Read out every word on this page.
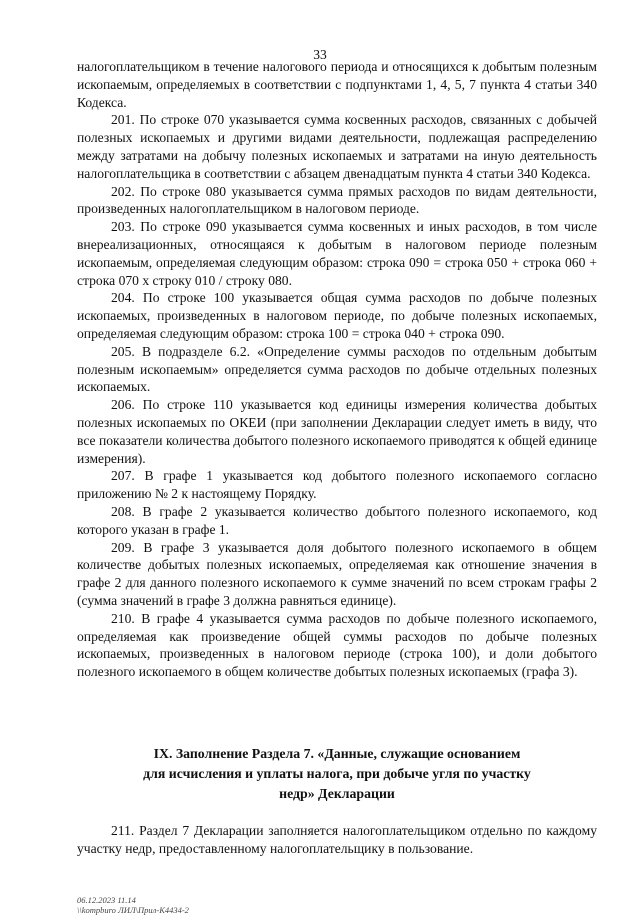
33

налогоплательщиком в течение налогового периода и относящихся к добытым полезным ископаемым, определяемых в соответствии с подпунктами 1, 4, 5, 7 пункта 4 статьи 340 Кодекса.

201. По строке 070 указывается сумма косвенных расходов, связанных с добычей полезных ископаемых и другими видами деятельности, подлежащая распределению между затратами на добычу полезных ископаемых и затратами на иную деятельность налогоплательщика в соответствии с абзацем двенадцатым пункта 4 статьи 340 Кодекса.

202. По строке 080 указывается сумма прямых расходов по видам деятельности, произведенных налогоплательщиком в налоговом периоде.

203. По строке 090 указывается сумма косвенных и иных расходов, в том числе внереализационных, относящаяся к добытым в налоговом периоде полезным ископаемым, определяемая следующим образом: строка 090 = строка 050 + строка 060 + строка 070 х строку 010 / строку 080.

204. По строке 100 указывается общая сумма расходов по добыче полезных ископаемых, произведенных в налоговом периоде, по добыче полезных ископаемых, определяемая следующим образом: строка 100 = строка 040 + строка 090.

205. В подразделе 6.2. «Определение суммы расходов по отдельным добытым полезным ископаемым» определяется сумма расходов по добыче отдельных полезных ископаемых.

206. По строке 110 указывается код единицы измерения количества добытых полезных ископаемых по ОКЕИ (при заполнении Декларации следует иметь в виду, что все показатели количества добытого полезного ископаемого приводятся к общей единице измерения).

207. В графе 1 указывается код добытого полезного ископаемого согласно приложению № 2 к настоящему Порядку.

208. В графе 2 указывается количество добытого полезного ископаемого, код которого указан в графе 1.

209. В графе 3 указывается доля добытого полезного ископаемого в общем количестве добытых полезных ископаемых, определяемая как отношение значения в графе 2 для данного полезного ископаемого к сумме значений по всем строкам графы 2 (сумма значений в графе 3 должна равняться единице).

210. В графе 4 указывается сумма расходов по добыче полезного ископаемого, определяемая как произведение общей суммы расходов по добыче полезных ископаемых, произведенных в налоговом периоде (строка 100), и доли добытого полезного ископаемого в общем количестве добытых полезных ископаемых (графа 3).

IX. Заполнение Раздела 7. «Данные, служащие основанием
для исчисления и уплаты налога, при добыче угля по участку
недр» Декларации

211. Раздел 7 Декларации заполняется налогоплательщиком отдельно по каждому участку недр, предоставленному налогоплательщику в пользование.

06.12.2023 11.14
\\kompburo ЛИЛ\Прил-К4434-2
